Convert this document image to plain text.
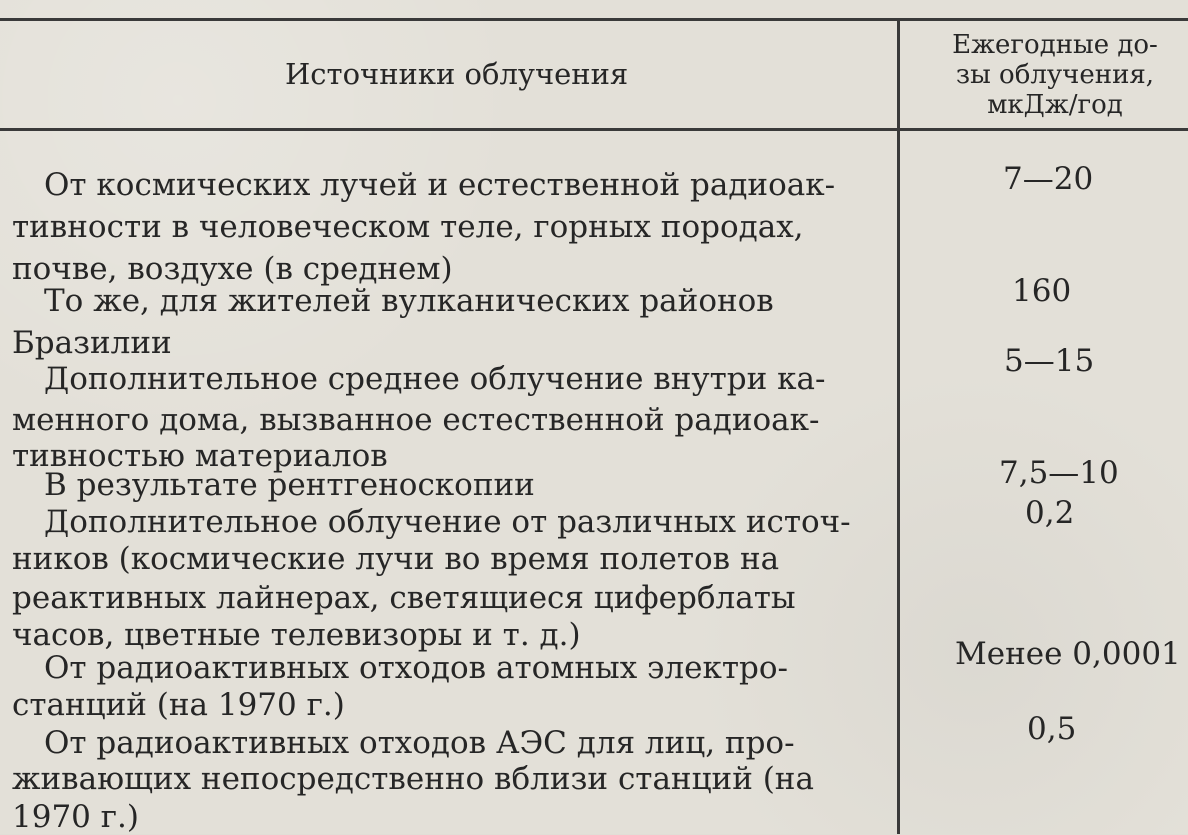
Источники облучения
Ежегодные до-
зы облучения,
мкДж/год
От космических лучей и естественной радиоак-
тивности в человеческом теле, горных породах,
почве, воздухе (в среднем)
7—20
То же, для жителей вулканических районов
Бразилии
160
Дополнительное среднее облучение внутри ка-
менного дома, вызванное естественной радиоак-
тивностью материалов
5—15
В результате рентгеноскопии	7,5—10
Дополнительное облучение от различных источ-
ников (космические лучи во время полетов на
реактивных лайнерах, светящиеся циферблаты
часов, цветные телевизоры и т. д.)
0,2
От радиоактивных отходов атомных электро-
станций (на 1970 г.)
Менее 0,0001
От радиоактивных отходов АЭС для лиц, про-
живающих непосредственно вблизи станций (на
1970 г.)
0,5
